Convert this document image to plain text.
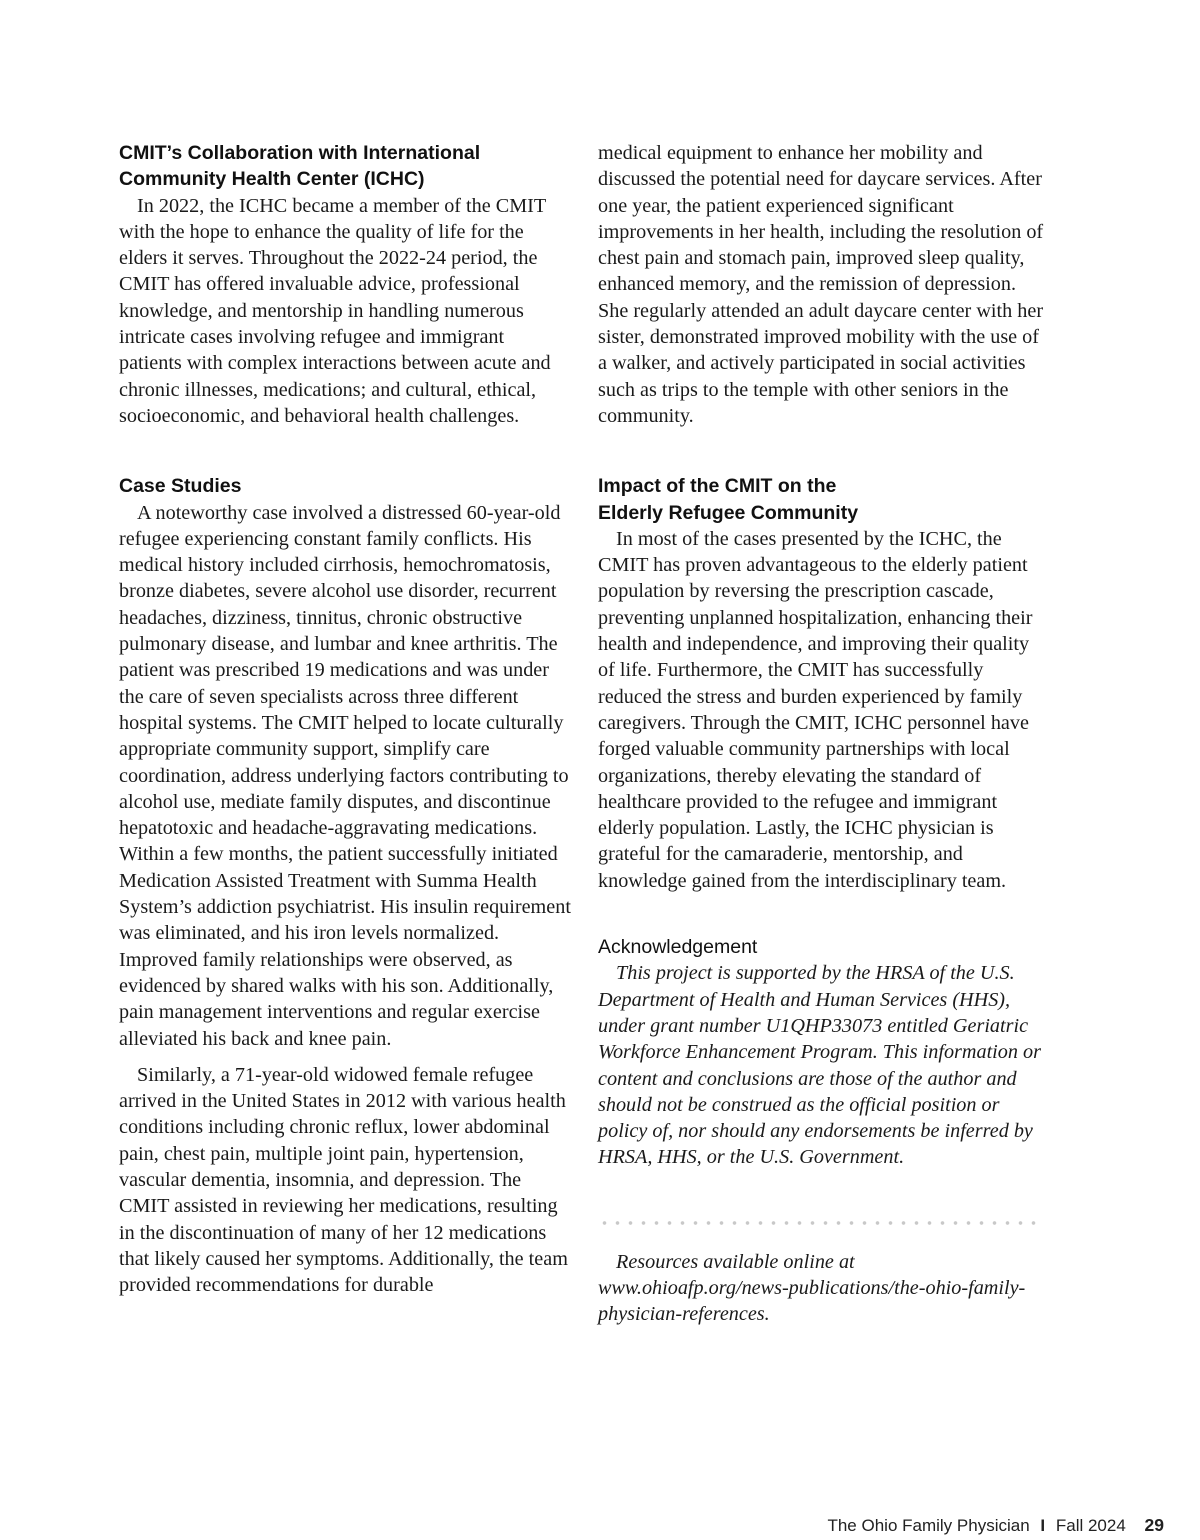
CMIT’s Collaboration with International
Community Health Center (ICHC)

In 2022, the ICHC became a member of the CMIT with the hope to enhance the quality of life for the elders it serves. Throughout the 2022-24 period, the CMIT has offered invaluable advice, professional knowledge, and mentorship in handling numerous intricate cases involving refugee and immigrant patients with complex interactions between acute and chronic illnesses, medications; and cultural, ethical, socioeconomic, and behavioral health challenges.

Case Studies

A noteworthy case involved a distressed 60-year-old refugee experiencing constant family conflicts. His medical history included cirrhosis, hemochromatosis, bronze diabetes, severe alcohol use disorder, recurrent headaches, dizziness, tinnitus, chronic obstructive pulmonary disease, and lumbar and knee arthritis. The patient was prescribed 19 medications and was under the care of seven specialists across three different hospital systems. The CMIT helped to locate culturally appropriate community support, simplify care coordination, address underlying factors contributing to alcohol use, mediate family disputes, and discontinue hepatotoxic and headache-aggravating medications. Within a few months, the patient successfully initiated Medication Assisted Treatment with Summa Health System’s addiction psychiatrist. His insulin requirement was eliminated, and his iron levels normalized. Improved family relationships were observed, as evidenced by shared walks with his son. Additionally, pain management interventions and regular exercise alleviated his back and knee pain.

Similarly, a 71-year-old widowed female refugee arrived in the United States in 2012 with various health conditions including chronic reflux, lower abdominal pain, chest pain, multiple joint pain, hypertension, vascular dementia, insomnia, and depression. The CMIT assisted in reviewing her medications, resulting in the discontinuation of many of her 12 medications that likely caused her symptoms. Additionally, the team provided recommendations for durable

medical equipment to enhance her mobility and discussed the potential need for daycare services. After one year, the patient experienced significant improvements in her health, including the resolution of chest pain and stomach pain, improved sleep quality, enhanced memory, and the remission of depression. She regularly attended an adult daycare center with her sister, demonstrated improved mobility with the use of a walker, and actively participated in social activities such as trips to the temple with other seniors in the community.

Impact of the CMIT on the
Elderly Refugee Community

In most of the cases presented by the ICHC, the CMIT has proven advantageous to the elderly patient population by reversing the prescription cascade, preventing unplanned hospitalization, enhancing their health and independence, and improving their quality of life. Furthermore, the CMIT has successfully reduced the stress and burden experienced by family caregivers. Through the CMIT, ICHC personnel have forged valuable community partnerships with local organizations, thereby elevating the standard of healthcare provided to the refugee and immigrant elderly population. Lastly, the ICHC physician is grateful for the camaraderie, mentorship, and knowledge gained from the interdisciplinary team.

Acknowledgement

This project is supported by the HRSA of the U.S. Department of Health and Human Services (HHS), under grant number U1QHP33073 entitled Geriatric Workforce Enhancement Program. This information or content and conclusions are those of the author and should not be construed as the official position or policy of, nor should any endorsements be inferred by HRSA, HHS, or the U.S. Government.

Resources available online at www.ohioafp.org/news-publications/the-ohio-family-physician-references.

The Ohio Family Physician I Fall 2024 29
